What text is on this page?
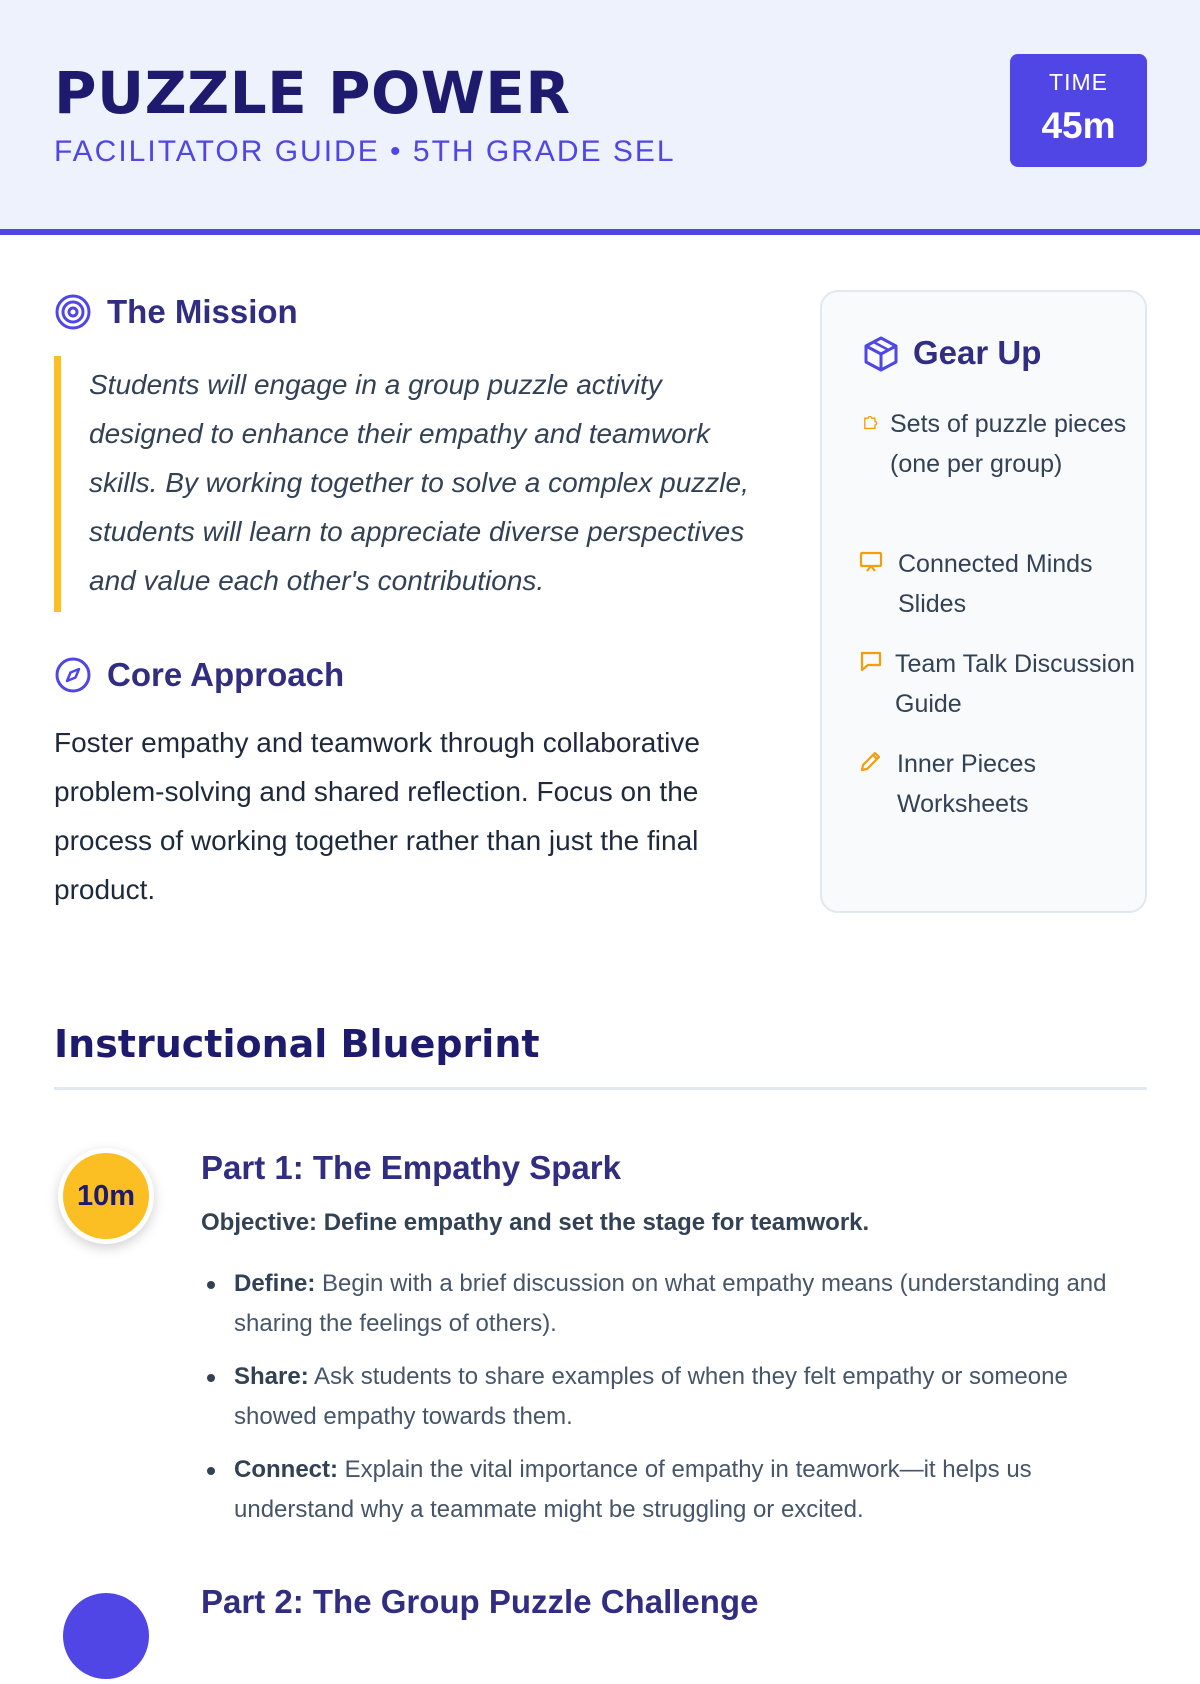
PUZZLE POWER
FACILITATOR GUIDE • 5TH GRADE SEL
TIME
45m
The Mission

Students will engage in a group puzzle activity designed to enhance their empathy and teamwork skills. By working together to solve a complex puzzle, students will learn to appreciate diverse perspectives and value each other's contributions.

Core Approach

Foster empathy and teamwork through collaborative problem-solving and shared reflection. Focus on the process of working together rather than just the final product.

Gear Up
Sets of puzzle pieces (one per group)
Connected Minds Slides
Team Talk Discussion Guide
Inner Pieces Worksheets
Instructional Blueprint
10m
Part 1: The Empathy Spark
Objective: Define empathy and set the stage for teamwork.
Define: Begin with a brief discussion on what empathy means (understanding and sharing the feelings of others).
Share: Ask students to share examples of when they felt empathy or someone showed empathy towards them.
Connect: Explain the vital importance of empathy in teamwork—it helps us understand why a teammate might be struggling or excited.
Part 2: The Group Puzzle Challenge
